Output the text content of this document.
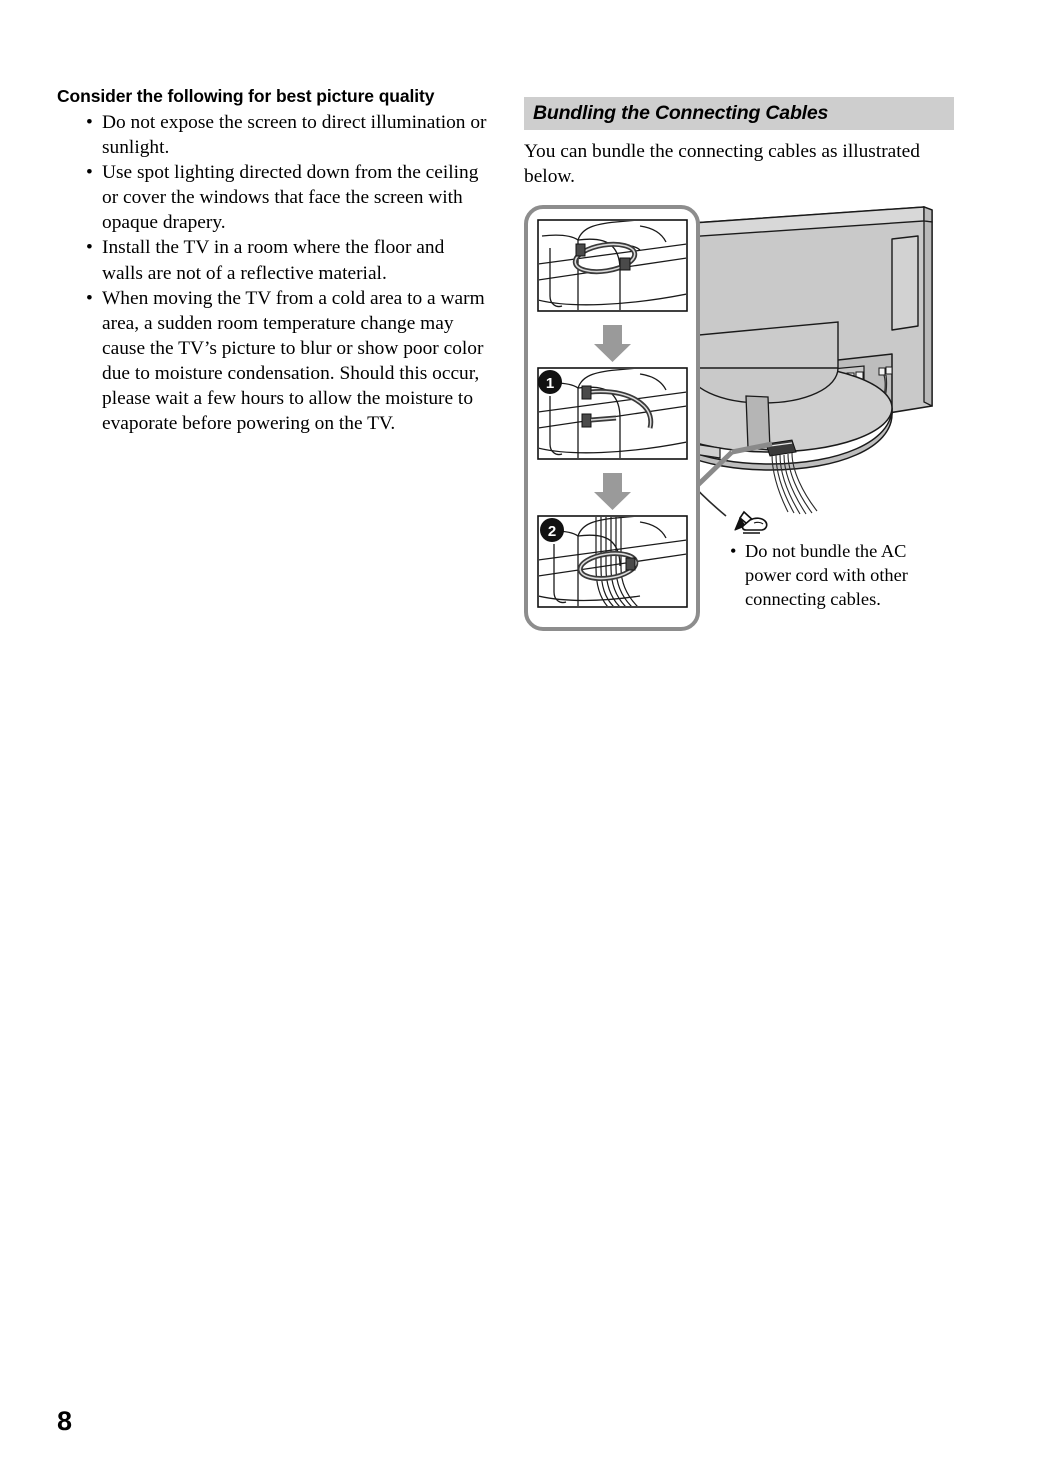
Consider the following for best picture quality
• Do not expose the screen to direct illumination or sunlight.
• Use spot lighting directed down from the ceiling or cover the windows that face the screen with opaque drapery.
• Install the TV in a room where the floor and walls are not of a reflective material.
• When moving the TV from a cold area to a warm area, a sudden room temperature change may cause the TV’s picture to blur or show poor color due to moisture condensation. Should this occur, please wait a few hours to allow the moisture to evaporate before powering on the TV.
Bundling the Connecting Cables

You can bundle the connecting cables as illustrated below.

1
2
• Do not bundle the AC power cord with other connecting cables.
8
